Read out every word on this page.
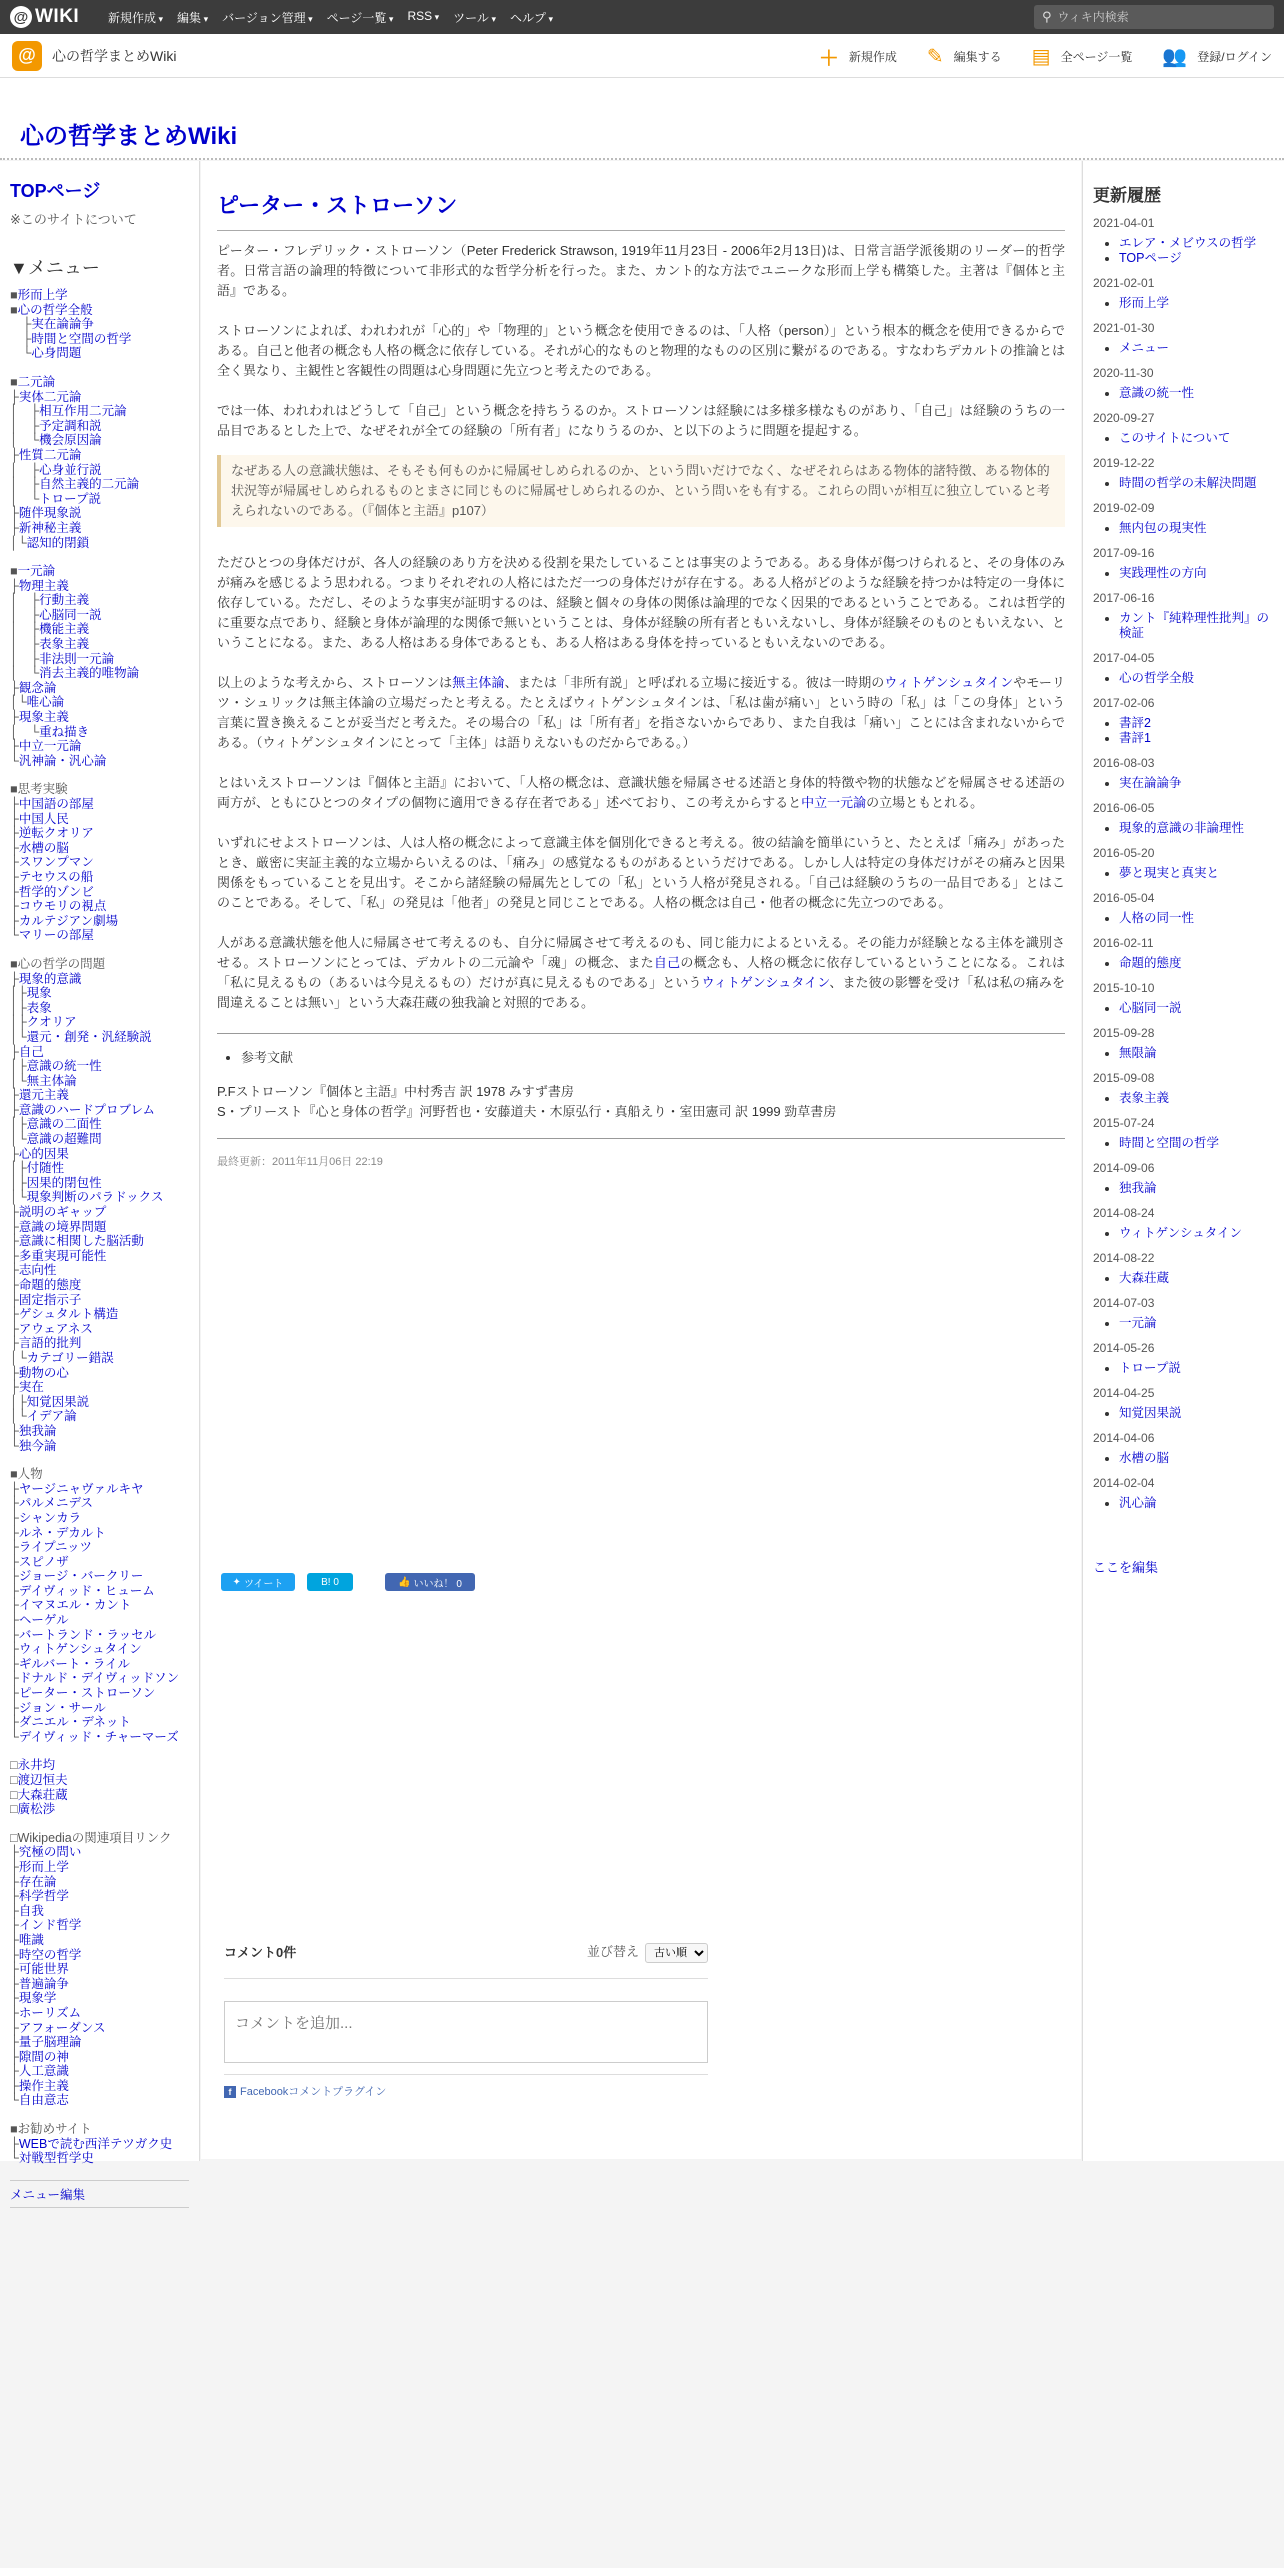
@ WIKI 新規作成 ▾	編集 ▾	バージョン管理 ▾	ページ一覧 ▾	RSS ▾	ツール ▾	ヘルプ ▾	⚲
ウィキ内検索
@	心の哲学まとめWiki	＋ 新規作成 ✎ 編集する ▤ 全ページ一覧 👥 登録/ログイン
心の哲学まとめWiki
TOPページ
※このサイトについて
▼メニュー
■形而上学
■心の哲学全般
　├実在論論争
　├時間と空間の哲学
　└心身問題
■二元論
├実体二元論
│　├相互作用二元論
│　├予定調和説
│　└機会原因論
├性質二元論
│　├心身並行説
│　├自然主義的二元論
│　└トロープ説
├随伴現象説
├新神秘主義
│└認知的閉鎖
■一元論
├物理主義
│　├行動主義
│　├心脳同一説
│　├機能主義
│　├表象主義
│　├非法則一元論
│　└消去主義的唯物論
├観念論
│└唯心論
├現象主義
│　└重ね描き
├中立一元論
└汎神論・汎心論
■思考実験
├中国語の部屋
├中国人民
├逆転クオリア
├水槽の脳
├スワンプマン
├テセウスの船
├哲学的ゾンビ
├コウモリの視点
├カルテジアン劇場
└マリーの部屋
■心の哲学の問題
├現象的意識
│├現象
│├表象
│├クオリア
│└還元・創発・汎経験説
├自己
│├意識の統一性
│└無主体論
├還元主義
├意識のハードプロブレム
│├意識の二面性
│└意識の超難問
├心的因果
│├付随性
│├因果的閉包性
│└現象判断のパラドックス
├説明のギャップ
├意識の境界問題
├意識に相関した脳活動
├多重実現可能性
├志向性
├命題的態度
├固定指示子
├ゲシュタルト構造
├アウェアネス
├言語的批判
│└カテゴリー錯誤
├動物の心
├実在
│├知覚因果説
│└イデア論
├独我論
└独今論
■人物
├ヤージニャヴァルキヤ
├パルメニデス
├シャンカラ
├ルネ・デカルト
├ライプニッツ
├スピノザ
├ジョージ・バークリー
├デイヴィッド・ヒューム
├イマヌエル・カント
├ヘーゲル
├バートランド・ラッセル
├ウィトゲンシュタイン
├ギルバート・ライル
├ドナルド・デイヴィッドソン
├ピーター・ストローソン
├ジョン・サール
├ダニエル・デネット
└デイヴィッド・チャーマーズ
□永井均
□渡辺恒夫
□大森荘蔵
□廣松渉
□Wikipediaの関連項目リンク
├究極の問い
├形而上学
├存在論
├科学哲学
├自我
├インド哲学
├唯識
├時空の哲学
├可能世界
├普遍論争
├現象学
├ホーリズム
├アフォーダンス
├量子脳理論
├隙間の神
├人工意識
├操作主義
└自由意志
■お勧めサイト
├WEBで読む西洋テツガク史
└対戦型哲学史
メニュー編集
ピーター・ストローソン
ピーター・フレデリック・ストローソン（Peter Frederick Strawson, 1919年11月23日 - 2006年2月13日)は、日常言語学派後期のリーダー的哲学者。日常言語の論理的特徴について非形式的な哲学分析を行った。また、カント的な方法でユニークな形而上学も構築した。主著は『個体と主語』である。
ストローソンによれば、われわれが「心的」や「物理的」という概念を使用できるのは、「人格（person）」という根本的概念を使用できるからである。自己と他者の概念も人格の概念に依存している。それが心的なものと物理的なものの区別に繋がるのである。すなわちデカルトの推論とは全く異なり、主観性と客観性の問題は心身問題に先立つと考えたのである。
では一体、われわれはどうして「自己」という概念を持ちうるのか。ストローソンは経験には多様多様なものがあり、「自己」は経験のうちの一品目であるとした上で、なぜそれが全ての経験の「所有者」になりうるのか、と以下のように問題を提起する。
なぜある人の意識状態は、そもそも何ものかに帰属せしめられるのか、という問いだけでなく、なぜそれらはある物体的諸特徴、ある物体的状況等が帰属せしめられるものとまさに同じものに帰属せしめられるのか、という問いをも有する。これらの問いが相互に独立していると考えられないのである。（『個体と主語』p107）
ただひとつの身体だけが、各人の経験のあり方を決める役割を果たしていることは事実のようである。ある身体が傷つけられると、その身体のみが痛みを感じるよう思われる。つまりそれぞれの人格にはただ一つの身体だけが存在する。ある人格がどのような経験を持つかは特定の一身体に依存している。ただし、そのような事実が証明するのは、経験と個々の身体の関係は論理的でなく因果的であるということである。これは哲学的に重要な点であり、経験と身体が論理的な関係で無いということは、身体が経験の所有者ともいえないし、身体が経験そのものともいえない、ということになる。また、ある人格はある身体であるとも、ある人格はある身体を持っているともいえないのである。
以上のような考えから、ストローソンは無主体論、または「非所有説」と呼ばれる立場に接近する。彼は一時期のウィトゲンシュタインやモーリツ・シュリックは無主体論の立場だったと考える。たとえばウィトゲンシュタインは、「私は歯が痛い」という時の「私」は「この身体」という言葉に置き換えることが妥当だと考えた。その場合の「私」は「所有者」を指さないからであり、また自我は「痛い」ことには含まれないからである。（ウィトゲンシュタインにとって「主体」は語りえないものだからである。）
とはいえストローソンは『個体と主語』において、「人格の概念は、意識状態を帰属させる述語と身体的特徴や物的状態などを帰属させる述語の両方が、ともにひとつのタイプの個物に適用できる存在者である」述べており、この考えからすると中立一元論の立場ともとれる。
いずれにせよストローソンは、人は人格の概念によって意識主体を個別化できると考える。彼の結論を簡単にいうと、たとえば「痛み」があったとき、厳密に実証主義的な立場からいえるのは、「痛み」の感覚なるものがあるというだけである。しかし人は特定の身体だけがその痛みと因果関係をもっていることを見出す。そこから諸経験の帰属先としての「私」という人格が発見される。「自己は経験のうちの一品目である」とはこのことである。そして、「私」の発見は「他者」の発見と同じことである。人格の概念は自己・他者の概念に先立つのである。
人がある意識状態を他人に帰属させて考えるのも、自分に帰属させて考えるのも、同じ能力によるといえる。その能力が経験となる主体を識別させる。ストローソンにとっては、デカルトの二元論や「魂」の概念、また自己の概念も、人格の概念に依存しているということになる。これは「私に見えるもの（あるいは今見えるもの）だけが真に見えるものである」というウィトゲンシュタイン、また彼の影響を受け「私は私の痛みを間違えることは無い」という大森荘蔵の独我論と対照的である。
• 参考文献
P.Fストローソン『個体と主語』中村秀吉 訳 1978 みすず書房
S・プリースト『心と身体の哲学』河野哲也・安藤道夫・木原弘行・真船えり・室田憲司 訳 1999 勁草書房
最終更新：2011年11月06日 22:19
✦ ツイート	B! 0	👍 いいね！ 0
コメント0件	並び替え
古い順
コメントを追加...
f Facebookコメントプラグイン
更新履歴
2021-04-01
• エレア・メビウスの哲学
• TOPページ
2021-02-01
• 形而上学
2021-01-30
• メニュー
2020-11-30
• 意識の統一性
2020-09-27
• このサイトについて
2019-12-22
• 時間の哲学の未解決問題
2019-02-09
• 無内包の現実性
2017-09-16
• 実践理性の方向
2017-06-16
• カント『純粋理性批判』の検証
2017-04-05
• 心の哲学全般
2017-02-06
• 書評2
• 書評1
2016-08-03
• 実在論論争
2016-06-05
• 現象的意識の非論理性
2016-05-20
• 夢と現実と真実と
2016-05-04
• 人格の同一性
2016-02-11
• 命題的態度
2015-10-10
• 心脳同一説
2015-09-28
• 無限論
2015-09-08
• 表象主義
2015-07-24
• 時間と空間の哲学
2014-09-06
• 独我論
2014-08-24
• ウィトゲンシュタイン
2014-08-22
• 大森荘蔵
2014-07-03
• 一元論
2014-05-26
• トロープ説
2014-04-25
• 知覚因果説
2014-04-06
• 水槽の脳
2014-02-04
• 汎心論
ここを編集
